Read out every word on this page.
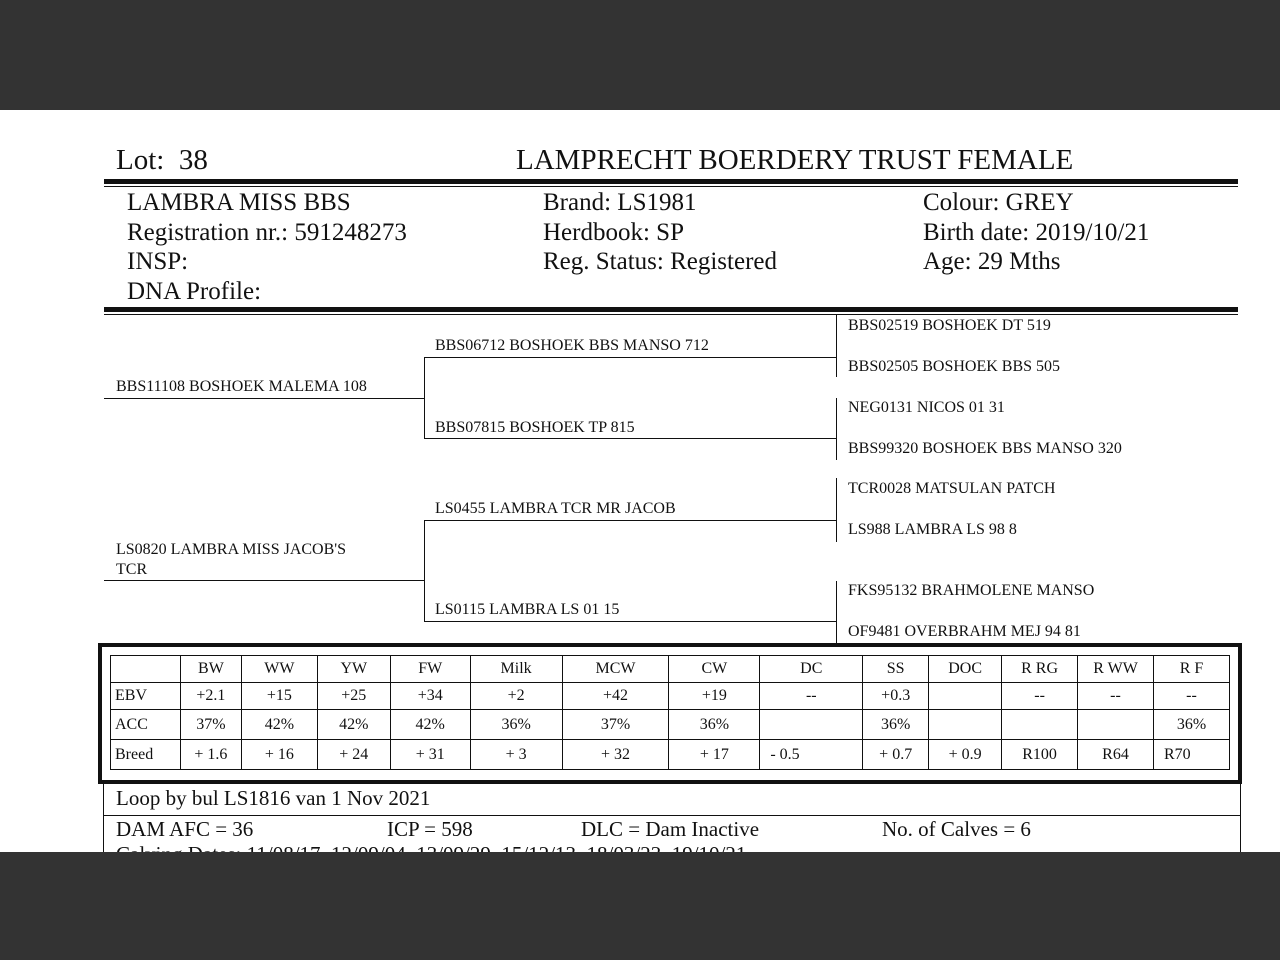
Lot: 38	LAMPRECHT BOERDERY TRUST FEMALE
LAMBRA MISS BBS
Registration nr.: 591248273
INSP:
DNA Profile:
Brand: LS1981
Herdbook: SP
Reg. Status: Registered
Colour: GREY
Birth date: 2019/10/21
Age: 29 Mths
BBS11108 BOSHOEK MALEMA 108
LS0820 LAMBRA MISS JACOB'S
TCR
BBS06712 BOSHOEK BBS MANSO 712
BBS07815 BOSHOEK TP 815
LS0455 LAMBRA TCR MR JACOB
LS0115 LAMBRA LS 01 15
BBS02519 BOSHOEK DT 519
BBS02505 BOSHOEK BBS 505
NEG0131 NICOS 01 31
BBS99320 BOSHOEK BBS MANSO 320
TCR0028 MATSULAN PATCH
LS988 LAMBRA LS 98 8
FKS95132 BRAHMOLENE MANSO
OF9481 OVERBRAHM MEJ 94 81
	BW	WW	YW	FW	Milk	MCW	CW	DC	SS	DOC	R RG	R WW	R F
EBV	+2.1	+15	+25	+34	+2	+42	+19	--	+0.3		--	--	--
ACC	37%	42%	42%	42%	36%	37%	36%		36%				36%
Breed	+ 1.6	+ 16	+ 24	+ 31	+ 3	+ 32	+ 17	- 0.5	+ 0.7	+ 0.9	R100	R64	R70
Loop by bul LS1816 van 1 Nov 2021
DAM AFC = 36	ICP = 598	DLC = Dam Inactive	No. of Calves = 6
